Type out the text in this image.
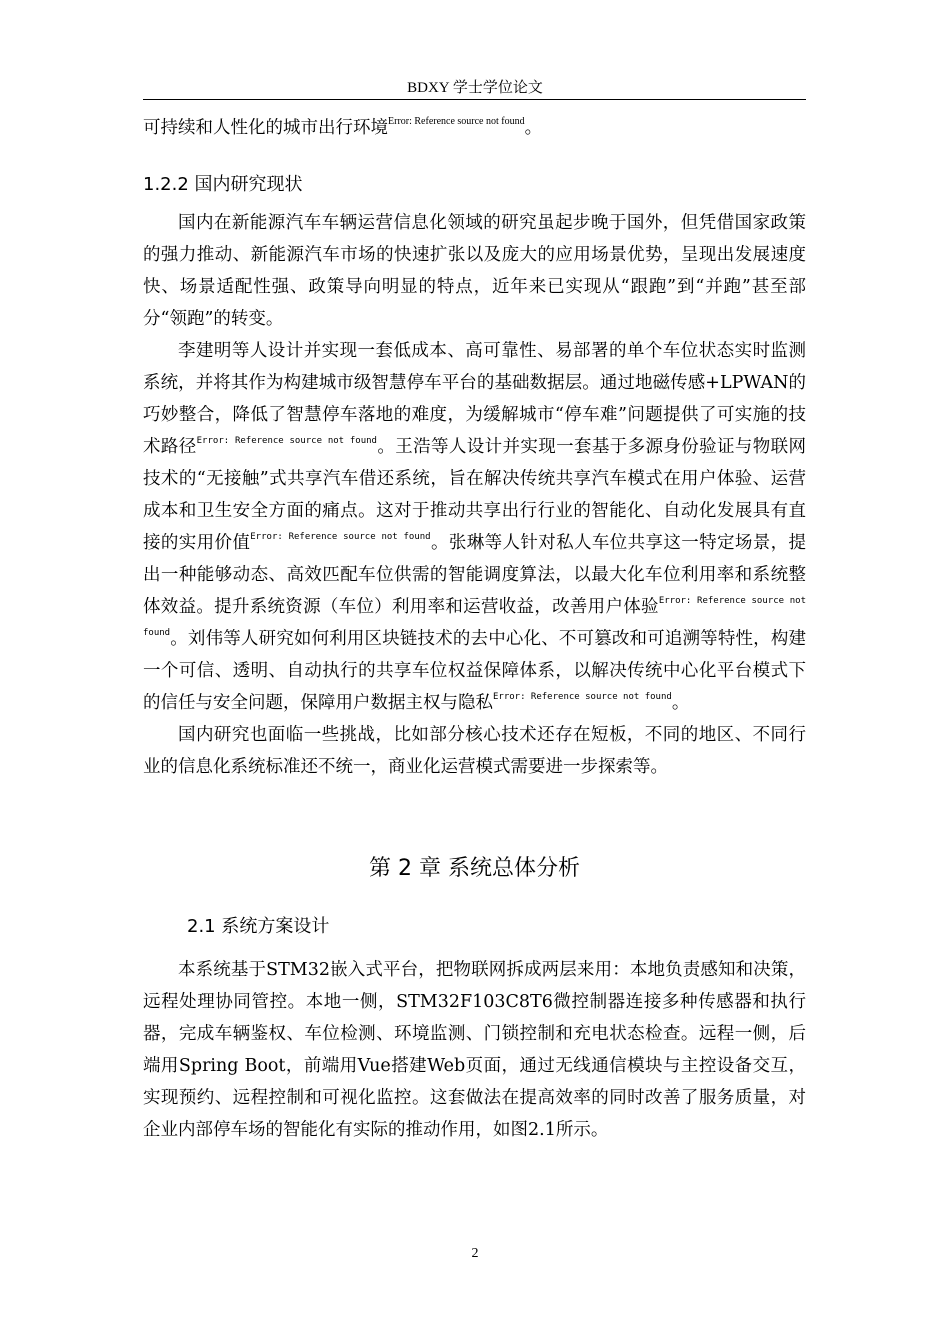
BDXY 学士学位论文

可持续和人性化的城市出行环境$^{Error: Reference source not found}$。

1.2.2 国内研究现状

国内在新能源汽车车辆运营信息化领域的研究虽起步晚于国外，但凭借国家政策的强力推动、新能源汽车市场的快速扩张以及庞大的应用场景优势，呈现出发展速度快、场景适配性强、政策导向明显的特点，近年来已实现从“跟跑”到“并跑”甚至部分“领跑”的转变。

李建明等人设计并实现一套低成本、高可靠性、易部署的单个车位状态实时监测系统，并将其作为构建城市级智慧停车平台的基础数据层。通过地磁传感+LPWAN的巧妙整合，降低了智慧停车落地的难度，为缓解城市“停车难”问题提供了可实施的技术路径$^{Error: Reference source not found}$。王浩等人设计并实现一套基于多源身份验证与物联网技术的“无接触”式共享汽车借还系统，旨在解决传统共享汽车模式在用户体验、运营成本和卫生安全方面的痛点。这对于推动共享出行行业的智能化、自动化发展具有直接的实用价值$^{Error: Reference source not found}$。张琳等人针对私人车位共享这一特定场景，提出一种能够动态、高效匹配车位供需的智能调度算法，以最大化车位利用率和系统整体效益。提升系统资源（车位）利用率和运营收益，改善用户体验$^{Error: Reference source not found}$。刘伟等人研究如何利用区块链技术的去中心化、不可篡改和可追溯等特性，构建一个可信、透明、自动执行的共享车位权益保障体系，以解决传统中心化平台模式下的信任与安全问题，保障用户数据主权与隐私$^{Error: Reference source not found}$。

国内研究也面临一些挑战，比如部分核心技术还存在短板，不同的地区、不同行业的信息化系统标准还不统一，商业化运营模式需要进一步探索等。

第 2 章 系统总体分析
2.1 系统方案设计

本系统基于STM32嵌入式平台，把物联网拆成两层来用：本地负责感知和决策，远程处理协同管控。本地一侧，STM32F103C8T6微控制器连接多种传感器和执行器，完成车辆鉴权、车位检测、环境监测、门锁控制和充电状态检查。远程一侧，后端用Spring Boot，前端用Vue搭建Web页面，通过无线通信模块与主控设备交互，实现预约、远程控制和可视化监控。这套做法在提高效率的同时改善了服务质量，对企业内部停车场的智能化有实际的推动作用，如图2.1所示。

2
